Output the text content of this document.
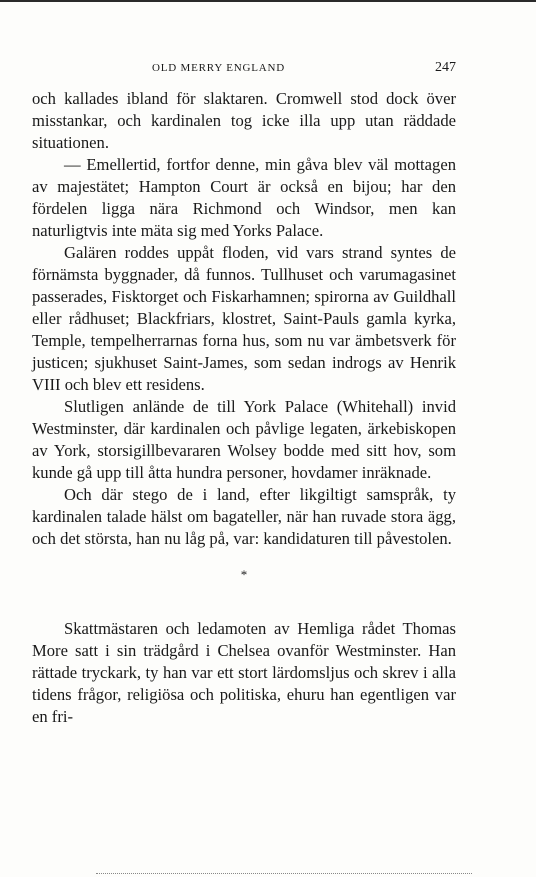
OLD MERRY ENGLAND	247

och kallades ibland för slaktaren. Cromwell stod dock över misstankar, och kardinalen tog icke illa upp utan räddade situationen.

— Emellertid, fortfor denne, min gåva blev väl mottagen av majestätet; Hampton Court är också en bijou; har den fördelen ligga nära Richmond och Windsor, men kan naturligtvis inte mäta sig med Yorks Palace.

Galären roddes uppåt floden, vid vars strand syntes de förnämsta byggnader, då funnos. Tullhuset och varumagasinet passerades, Fisktorget och Fiskarhamnen; spirorna av Guildhall eller rådhuset; Blackfriars, klostret, Saint-Pauls gamla kyrka, Temple, tempelherrarnas forna hus, som nu var ämbetsverk för justicen; sjukhuset Saint-James, som sedan indrogs av Henrik VIII och blev ett residens.

Slutligen anlände de till York Palace (Whitehall) invid Westminster, där kardinalen och påvlige legaten, ärkebiskopen av York, storsigillbevararen Wolsey bodde med sitt hov, som kunde gå upp till åtta hundra personer, hovdamer inräknade.

Och där stego de i land, efter likgiltigt samspråk, ty kardinalen talade hälst om bagateller, när han ruvade stora ägg, och det största, han nu låg på, var: kandidaturen till påvestolen.

*

Skattmästaren och ledamoten av Hemliga rådet Thomas More satt i sin trädgård i Chelsea ovanför Westminster. Han rättade tryckark, ty han var ett stort lärdomsljus och skrev i alla tidens frågor, religiösa och politiska, ehuru han egentligen var en fri-
